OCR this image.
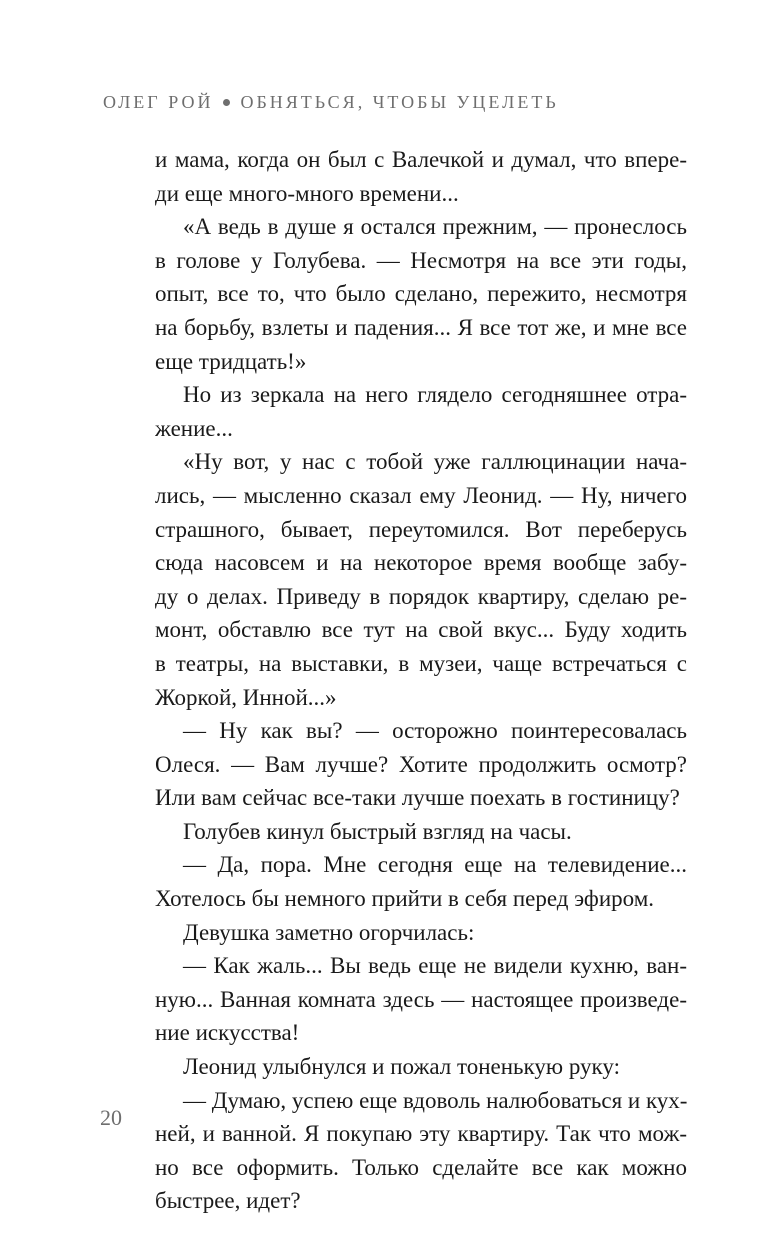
ОЛЕГ РОЙ ОБНЯТЬСЯ, ЧТОБЫ УЦЕЛЕТЬ
и мама, когда он был с Валечкой и думал, что впере-
ди еще много-много времени...
«А ведь в душе я остался прежним, — пронеслось
в голове у Голубева. — Несмотря на все эти годы,
опыт, все то, что было сделано, пережито, несмотря
на борьбу, взлеты и падения... Я все тот же, и мне все
еще тридцать!»
Но из зеркала на него глядело сегодняшнее отра-
жение...
«Ну вот, у нас с тобой уже галлюцинации нача-
лись, — мысленно сказал ему Леонид. — Ну, ничего
страшного, бывает, переутомился. Вот переберусь
сюда насовсем и на некоторое время вообще забу-
ду о делах. Приведу в порядок квартиру, сделаю ре-
монт, обставлю все тут на свой вкус... Буду ходить
в театры, на выставки, в музеи, чаще встречаться с
Жоркой, Инной...»
— Ну как вы? — осторожно поинтересовалась
Олеся. — Вам лучше? Хотите продолжить осмотр?
Или вам сейчас все-таки лучше поехать в гостиницу?
Голубев кинул быстрый взгляд на часы.
— Да, пора. Мне сегодня еще на телевидение...
Хотелось бы немного прийти в себя перед эфиром.
Девушка заметно огорчилась:
— Как жаль... Вы ведь еще не видели кухню, ван-
ную... Ванная комната здесь — настоящее произведе-
ние искусства!
Леонид улыбнулся и пожал тоненькую руку:
— Думаю, успею еще вдоволь налюбоваться и кух-
ней, и ванной. Я покупаю эту квартиру. Так что мож-
но все оформить. Только сделайте все как можно
быстрее, идет?
20
